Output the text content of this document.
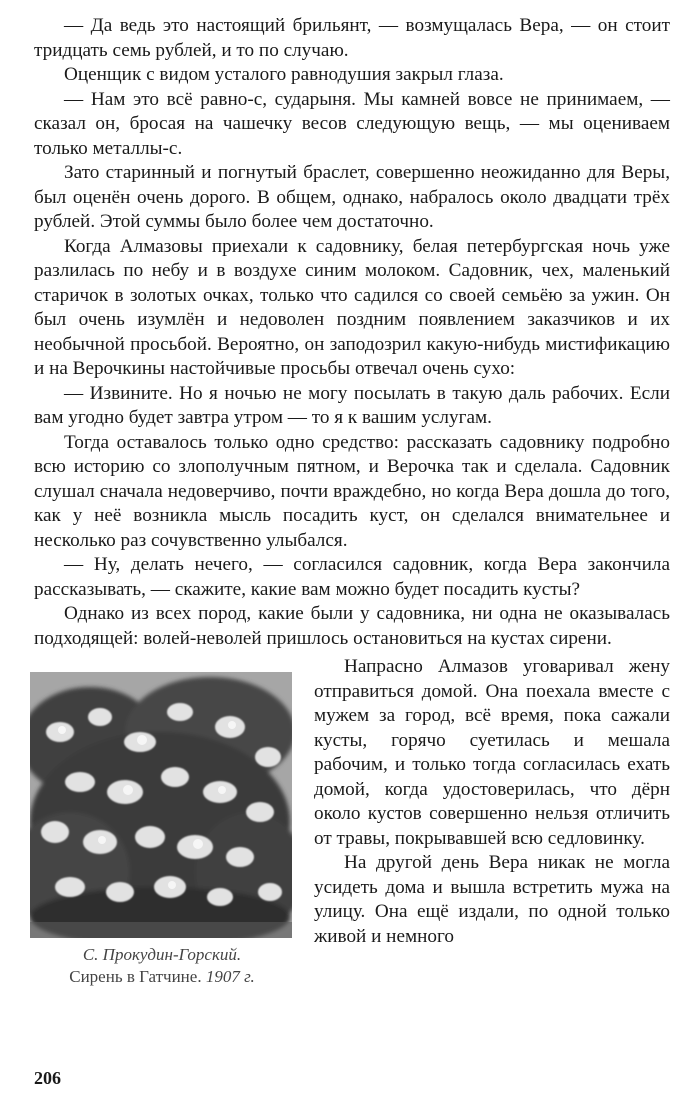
— Да ведь это настоящий брильянт, — возмущалась Вера, — он стоит тридцать семь рублей, и то по случаю.

Оценщик с видом усталого равнодушия закрыл глаза.

— Нам это всё равно-с, сударыня. Мы камней вовсе не принимаем, — сказал он, бросая на чашечку весов следующую вещь, — мы оцениваем только металлы-с.

Зато старинный и погнутый браслет, совершенно неожиданно для Веры, был оценён очень дорого. В общем, однако, набралось около двадцати трёх рублей. Этой суммы было более чем достаточно.

Когда Алмазовы приехали к садовнику, белая петербургская ночь уже разлилась по небу и в воздухе синим молоком. Садовник, чех, маленький старичок в золотых очках, только что садился со своей семьёю за ужин. Он был очень изумлён и недоволен поздним появлением заказчиков и их необычной просьбой. Вероятно, он заподозрил какую-нибудь мистификацию и на Верочкины настойчивые просьбы отвечал очень сухо:

— Извините. Но я ночью не могу посылать в такую даль рабочих. Если вам угодно будет завтра утром — то я к вашим услугам.

Тогда оставалось только одно средство: рассказать садовнику подробно всю историю со злополучным пятном, и Верочка так и сделала. Садовник слушал сначала недоверчиво, почти враждебно, но когда Вера дошла до того, как у неё возникла мысль посадить куст, он сделался внимательнее и несколько раз сочувственно улыбался.

— Ну, делать нечего, — согласился садовник, когда Вера закончила рассказывать, — скажите, какие вам можно будет посадить кусты?

Однако из всех пород, какие были у садовника, ни одна не оказывалась подходящей: волей-неволей пришлось остановиться на кустах сирени.

С. Прокудин-Горский.
Сирень в Гатчине. 1907 г.

Напрасно Алмазов уговаривал жену отправиться домой. Она поехала вместе с мужем за город, всё время, пока сажали кусты, горячо суетилась и мешала рабочим, и только тогда согласилась ехать домой, когда удостоверилась, что дёрн около кустов совершенно нельзя отличить от травы, покрывавшей всю седловинку.

На другой день Вера никак не могла усидеть дома и вышла встретить мужа на улицу. Она ещё издали, по одной только живой и немного

206
